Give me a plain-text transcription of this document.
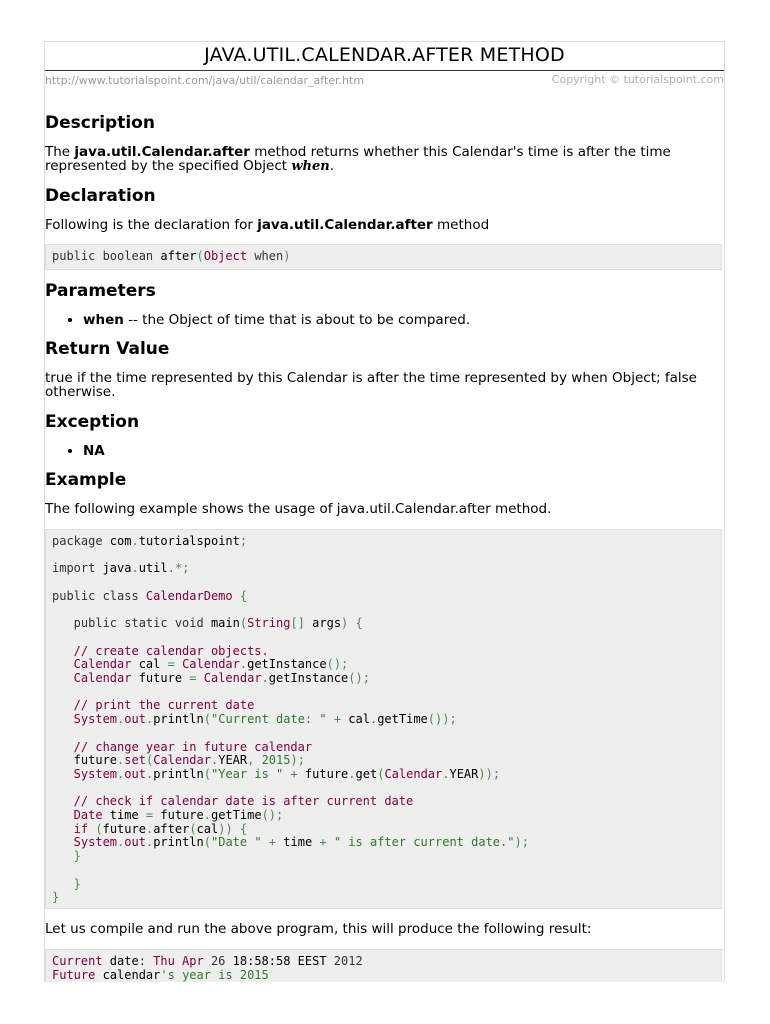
JAVA.UTIL.CALENDAR.AFTER METHOD
http://www.tutorialspoint.com/java/util/calendar_after.htm	Copyright © tutorialspoint.com
Description
The java.util.Calendar.after method returns whether this Calendar's time is after the time represented by the specified Object when.
Declaration
Following is the declaration for java.util.Calendar.after method
public boolean after(Object when)
Parameters
• when -- the Object of time that is about to be compared.
Return Value
true if the time represented by this Calendar is after the time represented by when Object; false otherwise.
Exception
• NA
Example
The following example shows the usage of java.util.Calendar.after method.
package com.tutorialspoint;

import java.util.*;

public class CalendarDemo {

public static void main(String[] args) {

// create calendar objects.
Calendar cal = Calendar.getInstance();
Calendar future = Calendar.getInstance();

// print the current date
System.out.println("Current date: " + cal.getTime());

// change year in future calendar
future.set(Calendar.YEAR, 2015);
System.out.println("Year is " + future.get(Calendar.YEAR));

// check if calendar date is after current date
Date time = future.getTime();
if (future.after(cal)) {
System.out.println("Date " + time + " is after current date.");
}

}
}
Let us compile and run the above program, this will produce the following result:
Current date: Thu Apr 26 18:58:58 EEST 2012
Future calendar's year is 2015
